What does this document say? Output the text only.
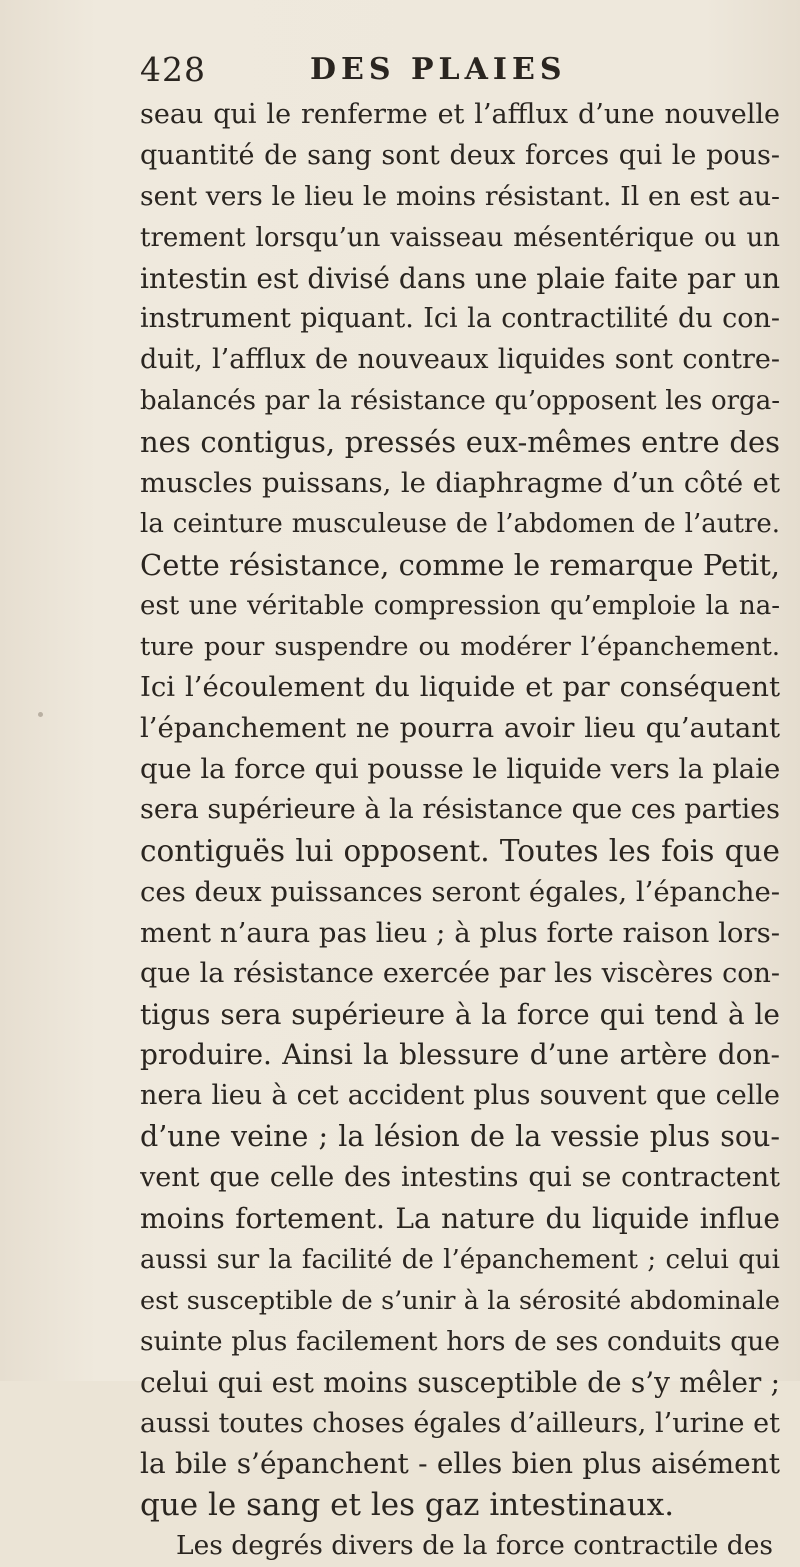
428	DES PLAIES
seau qui le renferme et l’afflux d’une nouvelle
quantité de sang sont deux forces qui le pous-
sent vers le lieu le moins résistant. Il en est au-
trement lorsqu’un vaisseau mésentérique ou un
intestin est divisé dans une plaie faite par un
instrument piquant. Ici la contractilité du con-
duit, l’afflux de nouveaux liquides sont contre-
balancés par la résistance qu’opposent les orga-
nes contigus, pressés eux-mêmes entre des
muscles puissans, le diaphragme d’un côté et
la ceinture musculeuse de l’abdomen de l’autre.
Cette résistance, comme le remarque Petit,
est une véritable compression qu’emploie la na-
ture pour suspendre ou modérer l’épanchement.
Ici l’écoulement du liquide et par conséquent
l’épanchement ne pourra avoir lieu qu’autant
que la force qui pousse le liquide vers la plaie
sera supérieure à la résistance que ces parties
contiguës lui opposent. Toutes les fois que
ces deux puissances seront égales, l’épanche-
ment n’aura pas lieu ; à plus forte raison lors-
que la résistance exercée par les viscères con-
tigus sera supérieure à la force qui tend à le
produire. Ainsi la blessure d’une artère don-
nera lieu à cet accident plus souvent que celle
d’une veine ; la lésion de la vessie plus sou-
vent que celle des intestins qui se contractent
moins fortement. La nature du liquide influe
aussi sur la facilité de l’épanchement ; celui qui
est susceptible de s’unir à la sérosité abdominale
suinte plus facilement hors de ses conduits que
celui qui est moins susceptible de s’y mêler ;
aussi toutes choses égales d’ailleurs, l’urine et
la bile s’épanchent - elles bien plus aisément
que le sang et les gaz intestinaux.
Les degrés divers de la force contractile des
